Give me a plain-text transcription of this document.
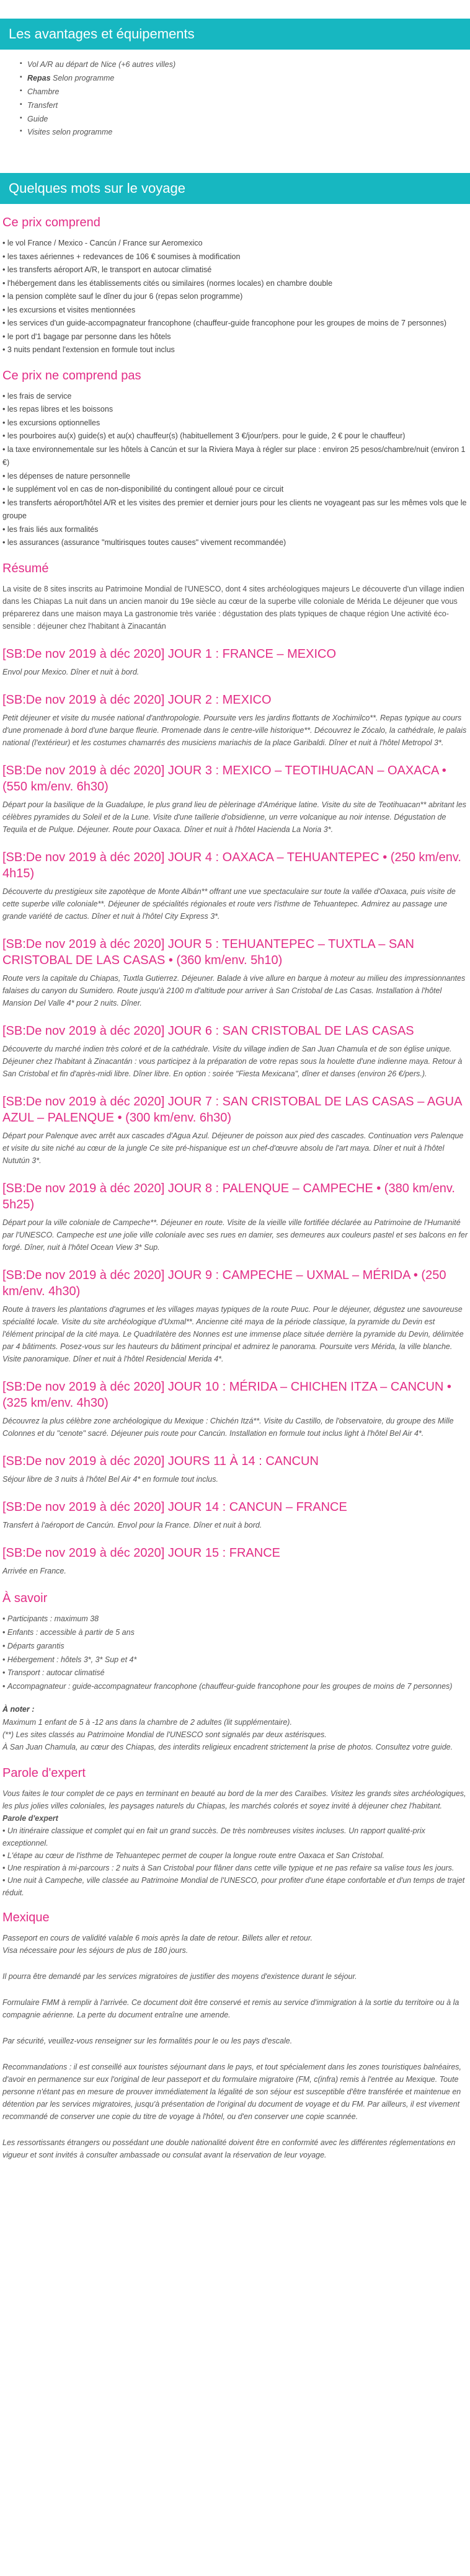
Les avantages et équipements
▪ Vol A/R au départ de Nice (+6 autres villes)
▪ Repas Selon programme
▪ Chambre
▪ Transfert
▪ Guide
▪ Visites selon programme
Quelques mots sur le voyage
Ce prix comprend

• le vol France / Mexico - Cancún / France sur Aeromexico

• les taxes aériennes + redevances de 106 € soumises à modification

• les transferts aéroport A/R, le transport en autocar climatisé

• l'hébergement dans les établissements cités ou similaires (normes locales) en chambre double

• la pension complète sauf le dîner du jour 6 (repas selon programme)

• les excursions et visites mentionnées

• les services d'un guide-accompagnateur francophone (chauffeur-guide francophone pour les groupes de moins de 7 personnes)

• le port d'1 bagage par personne dans les hôtels

• 3 nuits pendant l'extension en formule tout inclus

Ce prix ne comprend pas

• les frais de service

• les repas libres et les boissons

• les excursions optionnelles

• les pourboires au(x) guide(s) et au(x) chauffeur(s) (habituellement 3 €/jour/pers. pour le guide, 2 € pour le chauffeur)

• la taxe environnementale sur les hôtels à Cancún et sur la Riviera Maya à régler sur place : environ 25 pesos/chambre/nuit (environ 1 €)

• les dépenses de nature personnelle

• le supplément vol en cas de non-disponibilité du contingent alloué pour ce circuit

• les transferts aéroport/hôtel A/R et les visites des premier et dernier jours pour les clients ne voyageant pas sur les mêmes vols que le groupe

• les frais liés aux formalités

• les assurances (assurance "multirisques toutes causes" vivement recommandée)

Résumé

La visite de 8 sites inscrits au Patrimoine Mondial de l'UNESCO, dont 4 sites archéologiques majeurs Le découverte d'un village indien dans les Chiapas La nuit dans un ancien manoir du 19e siècle au cœur de la superbe ville coloniale de Mérida Le déjeuner que vous préparerez dans une maison maya La gastronomie très variée : dégustation des plats typiques de chaque région Une activité éco-sensible : déjeuner chez l'habitant à Zinacantán

[SB:De nov 2019 à déc 2020] JOUR 1 : FRANCE – MEXICO

Envol pour Mexico. Dîner et nuit à bord.

[SB:De nov 2019 à déc 2020] JOUR 2 : MEXICO

Petit déjeuner et visite du musée national d'anthropologie. Poursuite vers les jardins flottants de Xochimilco**. Repas typique au cours d'une promenade à bord d'une barque fleurie. Promenade dans le centre-ville historique**. Découvrez le Zócalo, la cathédrale, le palais national (l'extérieur) et les costumes chamarrés des musiciens mariachis de la place Garibaldi. Dîner et nuit à l'hôtel Metropol 3*.

[SB:De nov 2019 à déc 2020] JOUR 3 : MEXICO – TEOTIHUACAN – OAXACA • (550 km/env. 6h30)

Départ pour la basilique de la Guadalupe, le plus grand lieu de pèlerinage d'Amérique latine. Visite du site de Teotihuacan** abritant les célèbres pyramides du Soleil et de la Lune. Visite d'une taillerie d'obsidienne, un verre volcanique au noir intense. Dégustation de Tequila et de Pulque. Déjeuner. Route pour Oaxaca. Dîner et nuit à l'hôtel Hacienda La Noria 3*.

[SB:De nov 2019 à déc 2020] JOUR 4 : OAXACA – TEHUANTEPEC • (250 km/env. 4h15)

Découverte du prestigieux site zapotèque de Monte Albán** offrant une vue spectaculaire sur toute la vallée d'Oaxaca, puis visite de cette superbe ville coloniale**. Déjeuner de spécialités régionales et route vers l'isthme de Tehuantepec. Admirez au passage une grande variété de cactus. Dîner et nuit à l'hôtel City Express 3*.

[SB:De nov 2019 à déc 2020] JOUR 5 : TEHUANTEPEC – TUXTLA – SAN CRISTOBAL DE LAS CASAS • (360 km/env. 5h10)

Route vers la capitale du Chiapas, Tuxtla Gutierrez. Déjeuner. Balade à vive allure en barque à moteur au milieu des impressionnantes falaises du canyon du Sumidero. Route jusqu'à 2100 m d'altitude pour arriver à San Cristobal de Las Casas. Installation à l'hôtel Mansion Del Valle 4* pour 2 nuits. Dîner.

[SB:De nov 2019 à déc 2020] JOUR 6 : SAN CRISTOBAL DE LAS CASAS

Découverte du marché indien très coloré et de la cathédrale. Visite du village indien de San Juan Chamula et de son église unique. Déjeuner chez l'habitant à Zinacantán : vous participez à la préparation de votre repas sous la houlette d'une indienne maya. Retour à San Cristobal et fin d'après-midi libre. Dîner libre. En option : soirée "Fiesta Mexicana", dîner et danses (environ 26 €/pers.).

[SB:De nov 2019 à déc 2020] JOUR 7 : SAN CRISTOBAL DE LAS CASAS – AGUA AZUL – PALENQUE • (300 km/env. 6h30)

Départ pour Palenque avec arrêt aux cascades d'Agua Azul. Déjeuner de poisson aux pied des cascades. Continuation vers Palenque et visite du site niché au cœur de la jungle Ce site pré-hispanique est un chef-d'œuvre absolu de l'art maya. Dîner et nuit à l'hôtel Nututún 3*.

[SB:De nov 2019 à déc 2020] JOUR 8 : PALENQUE – CAMPECHE • (380 km/env. 5h25)

Départ pour la ville coloniale de Campeche**. Déjeuner en route. Visite de la vieille ville fortifiée déclarée au Patrimoine de l'Humanité par l'UNESCO. Campeche est une jolie ville coloniale avec ses rues en damier, ses demeures aux couleurs pastel et ses balcons en fer forgé. Dîner, nuit à l'hôtel Ocean View 3* Sup.

[SB:De nov 2019 à déc 2020] JOUR 9 : CAMPECHE – UXMAL – MÉRIDA • (250 km/env. 4h30)

Route à travers les plantations d'agrumes et les villages mayas typiques de la route Puuc. Pour le déjeuner, dégustez une savoureuse spécialité locale. Visite du site archéologique d'Uxmal**. Ancienne cité maya de la période classique, la pyramide du Devin est l'élément principal de la cité maya. Le Quadrilatère des Nonnes est une immense place située derrière la pyramide du Devin, délimitée par 4 bâtiments. Posez-vous sur les hauteurs du bâtiment principal et admirez le panorama. Poursuite vers Mérida, la ville blanche. Visite panoramique. Dîner et nuit à l'hôtel Residencial Merida 4*.

[SB:De nov 2019 à déc 2020] JOUR 10 : MÉRIDA – CHICHEN ITZA – CANCUN • (325 km/env. 4h30)

Découvrez la plus célèbre zone archéologique du Mexique : Chichén Itzá**. Visite du Castillo, de l'observatoire, du groupe des Mille Colonnes et du "cenote" sacré. Déjeuner puis route pour Cancún. Installation en formule tout inclus light à l'hôtel Bel Air 4*.

[SB:De nov 2019 à déc 2020] JOURS 11 À 14 : CANCUN

Séjour libre de 3 nuits à l'hôtel Bel Air 4* en formule tout inclus.

[SB:De nov 2019 à déc 2020] JOUR 14 : CANCUN – FRANCE

Transfert à l'aéroport de Cancún. Envol pour la France. Dîner et nuit à bord.

[SB:De nov 2019 à déc 2020] JOUR 15 : FRANCE

Arrivée en France.

À savoir

• Participants : maximum 38

• Enfants : accessible à partir de 5 ans

• Départs garantis

• Hébergement : hôtels 3*, 3* Sup et 4*

• Transport : autocar climatisé

• Accompagnateur : guide-accompagnateur francophone (chauffeur-guide francophone pour les groupes de moins de 7 personnes)

À noter :

Maximum 1 enfant de 5 à -12 ans dans la chambre de 2 adultes (lit supplémentaire).

(**) Les sites classés au Patrimoine Mondial de l'UNESCO sont signalés par deux astérisques.

À San Juan Chamula, au cœur des Chiapas, des interdits religieux encadrent strictement la prise de photos. Consultez votre guide.

Parole d'expert

Vous faites le tour complet de ce pays en terminant en beauté au bord de la mer des Caraïbes. Visitez les grands sites archéologiques, les plus jolies villes coloniales, les paysages naturels du Chiapas, les marchés colorés et soyez invité à déjeuner chez l'habitant.

Parole d'expert

• Un itinéraire classique et complet qui en fait un grand succès. De très nombreuses visites incluses. Un rapport qualité-prix exceptionnel.

• L'étape au cœur de l'isthme de Tehuantepec permet de couper la longue route entre Oaxaca et San Cristobal.

• Une respiration à mi-parcours : 2 nuits à San Cristobal pour flâner dans cette ville typique et ne pas refaire sa valise tous les jours.

• Une nuit à Campeche, ville classée au Patrimoine Mondial de l'UNESCO, pour profiter d'une étape confortable et d'un temps de trajet réduit.

Mexique

Passeport en cours de validité valable 6 mois après la date de retour. Billets aller et retour.
Visa nécessaire pour les séjours de plus de 180 jours.

Il pourra être demandé par les services migratoires de justifier des moyens d'existence durant le séjour.

Formulaire FMM à remplir à l'arrivée. Ce document doit être conservé et remis au service d'immigration à la sortie du territoire ou à la compagnie aérienne. La perte du document entraîne une amende.

Par sécurité, veuillez-vous renseigner sur les formalités pour le ou les pays d'escale.

Recommandations : il est conseillé aux touristes séjournant dans le pays, et tout spécialement dans les zones touristiques balnéaires, d'avoir en permanence sur eux l'original de leur passeport et du formulaire migratoire (FM, c(infra) remis à l'entrée au Mexique. Toute personne n'étant pas en mesure de prouver immédiatement la légalité de son séjour est susceptible d'être transférée et maintenue en détention par les services migratoires, jusqu'à présentation de l'original du document de voyage et du FM. Par ailleurs, il est vivement recommandé de conserver une copie du titre de voyage à l'hôtel, ou d'en conserver une copie scannée.

Les ressortissants étrangers ou possédant une double nationalité doivent être en conformité avec les différentes réglementations en vigueur et sont invités à consulter ambassade ou consulat avant la réservation de leur voyage.
